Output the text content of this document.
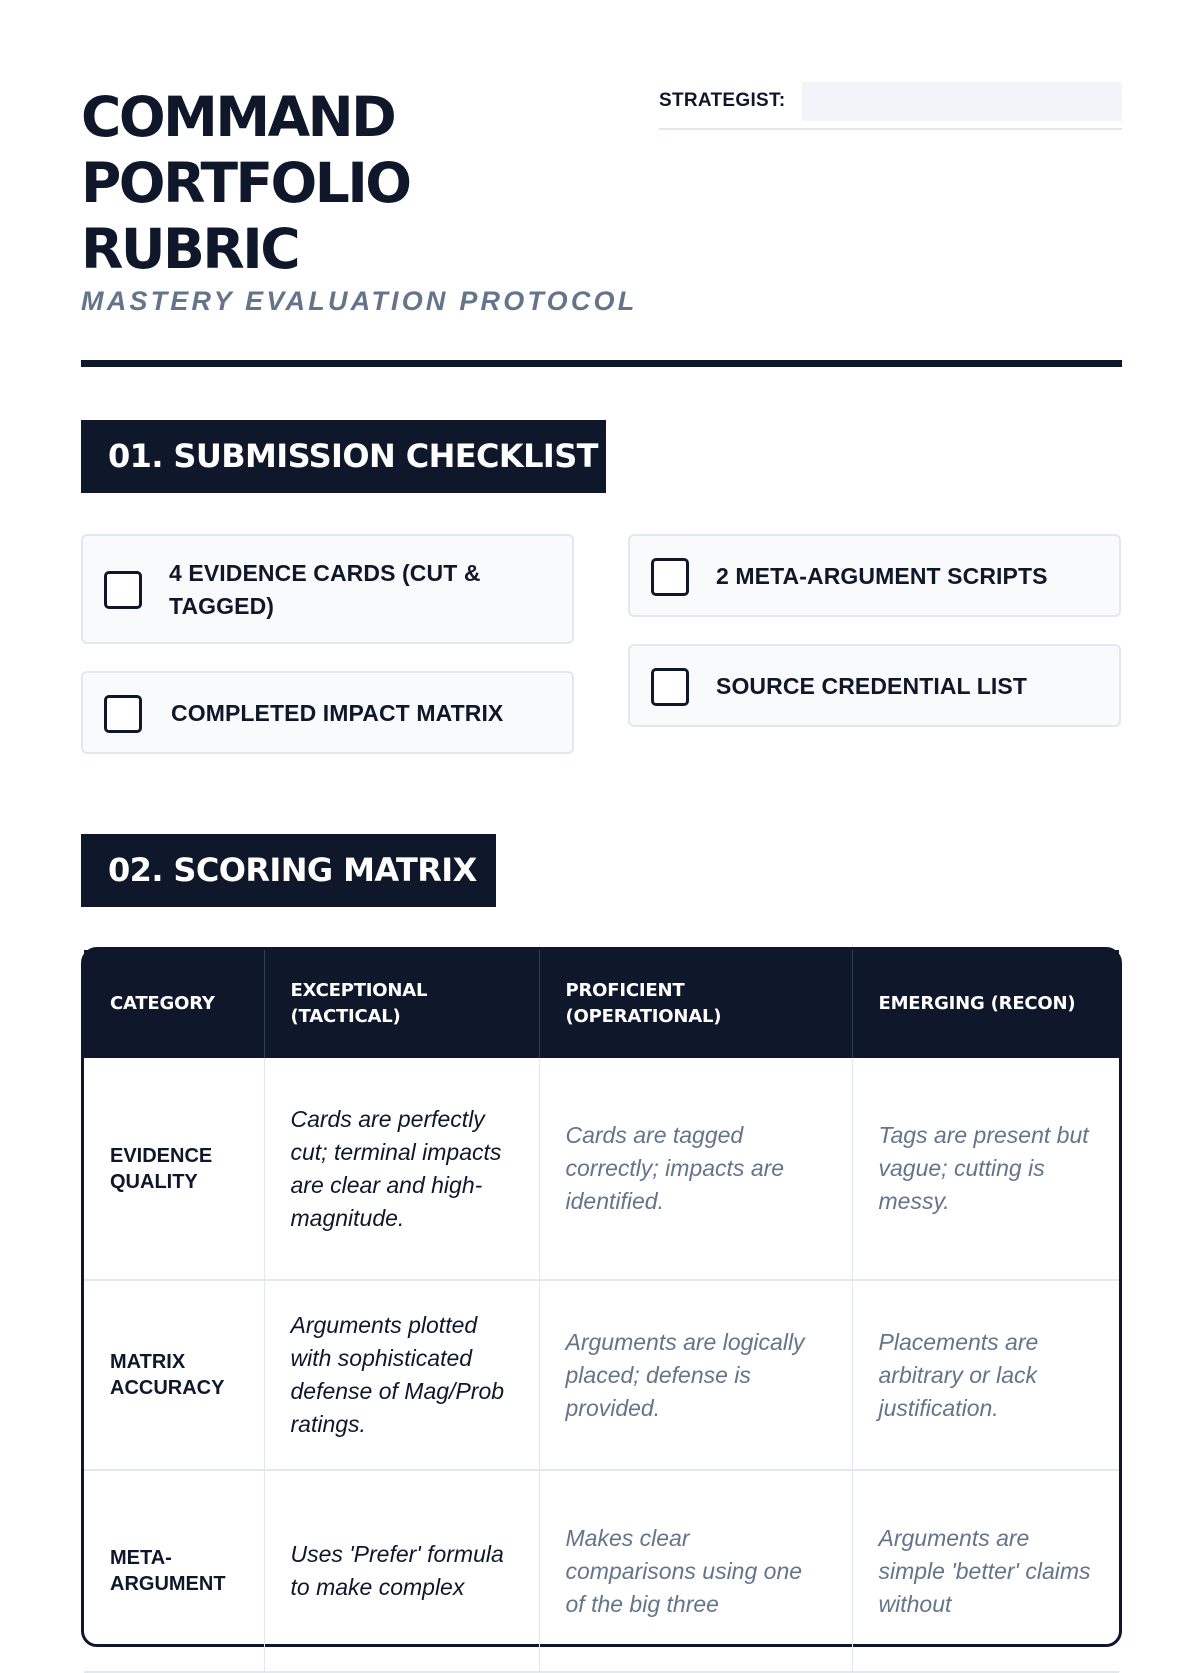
COMMAND
PORTFOLIO
RUBRIC
MASTERY EVALUATION PROTOCOL
STRATEGIST:
01. SUBMISSION CHECKLIST
4 EVIDENCE CARDS (CUT & TAGGED)
2 META-ARGUMENT SCRIPTS
COMPLETED IMPACT MATRIX
SOURCE CREDENTIAL LIST
02. SCORING MATRIX
CATEGORY	EXCEPTIONAL (TACTICAL)	PROFICIENT (OPERATIONAL)	EMERGING (RECON)
EVIDENCE QUALITY	Cards are perfectly cut; terminal impacts are clear and high-magnitude.	Cards are tagged correctly; impacts are identified.	Tags are present but vague; cutting is messy.
MATRIX ACCURACY	Arguments plotted with sophisticated defense of Mag/Prob ratings.	Arguments are logically placed; defense is provided.	Placements are arbitrary or lack justification.
META-ARGUMENT	Uses 'Prefer' formula to make complex	Makes clear comparisons using one of the big three	Arguments are simple 'better' claims without
